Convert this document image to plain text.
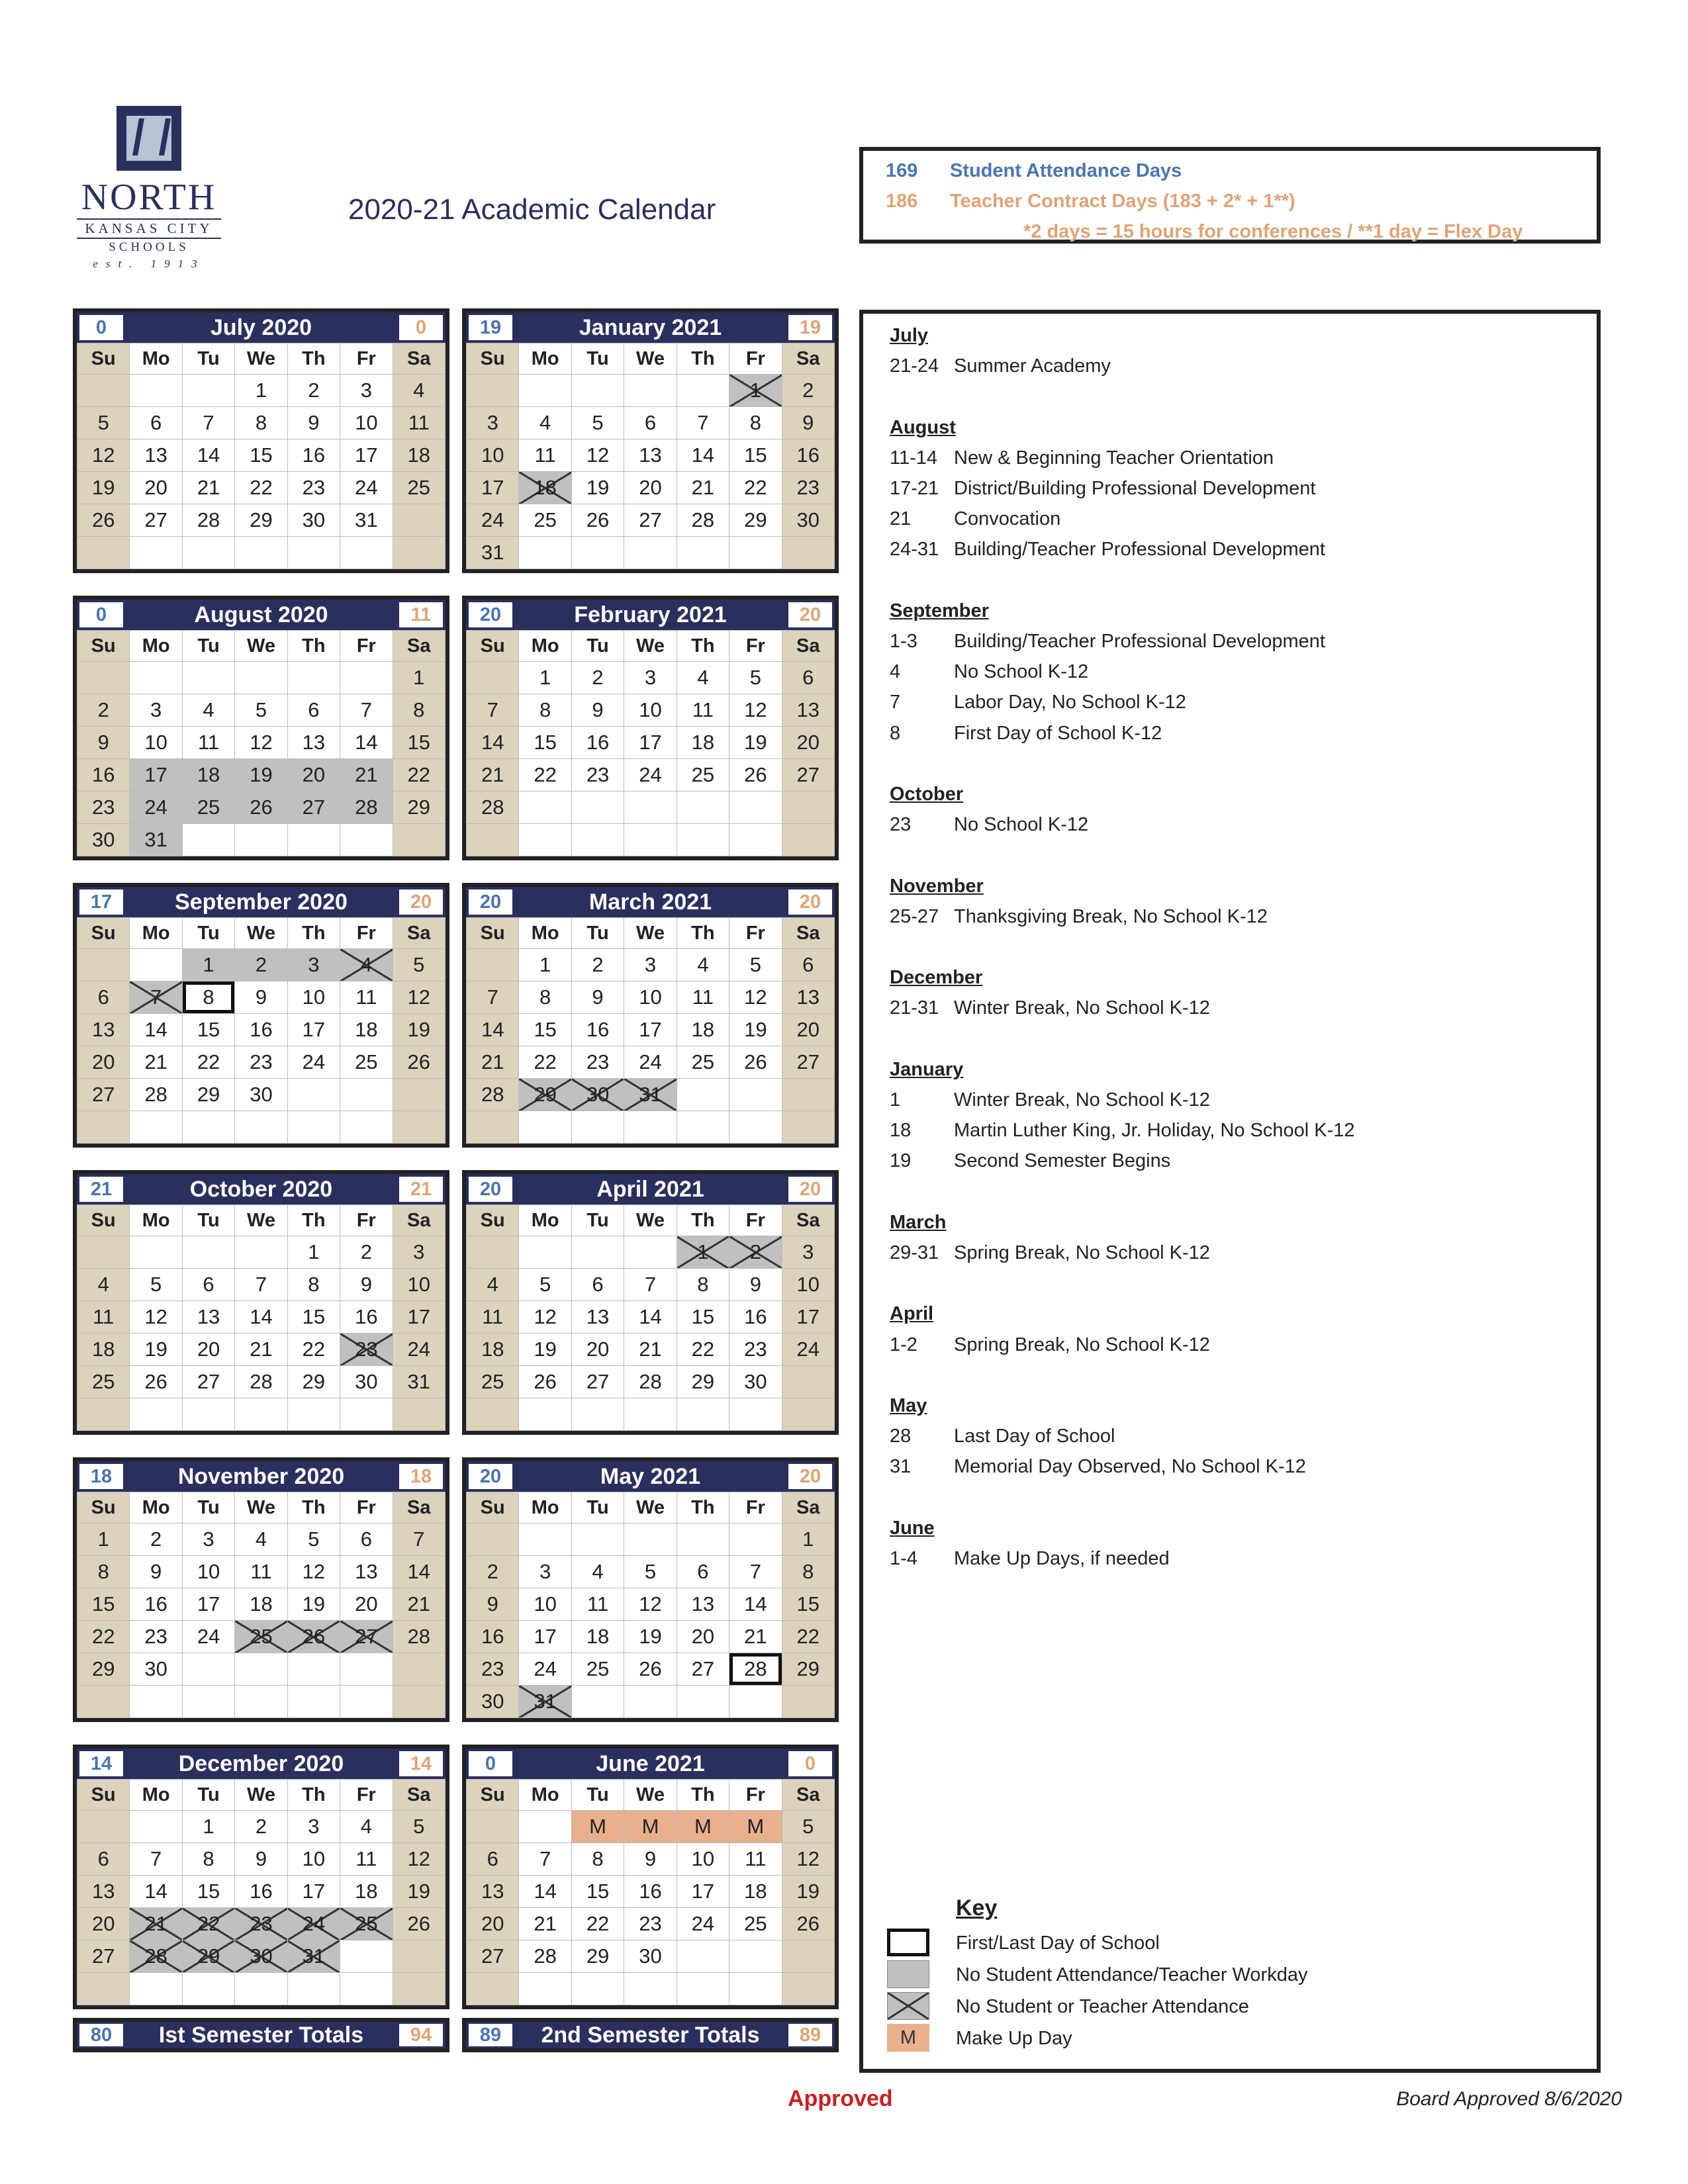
NORTH
KANSAS CITY
SCHOOLS
est. 1913
2020-21 Academic Calendar
169 Student Attendance Days
186 Teacher Contract Days (183 + 2* + 1**)
*2 days = 15 hours for conferences / **1 day = Flex Day
0	July 2020	0
Su	Mo	Tu	We	Th	Fr	Sa
			1	2	3	4
5	6	7	8	9	10	11
12	13	14	15	16	17	18
19	20	21	22	23	24	25
26	27	28	29	30	31	

19	January 2021	19
Su	Mo	Tu	We	Th	Fr	Sa
					1	2
3	4	5	6	7	8	9
10	11	12	13	14	15	16
17	18	19	20	21	22	23
24	25	26	27	28	29	30
31						
0	August 2020	11
Su	Mo	Tu	We	Th	Fr	Sa
						1
2	3	4	5	6	7	8
9	10	11	12	13	14	15
16	17	18	19	20	21	22
23	24	25	26	27	28	29
30	31					
20	February 2021	20
Su	Mo	Tu	We	Th	Fr	Sa
	1	2	3	4	5	6
7	8	9	10	11	12	13
14	15	16	17	18	19	20
21	22	23	24	25	26	27
28						

17	September 2020	20
Su	Mo	Tu	We	Th	Fr	Sa
		1	2	3	4	5
6	7	8	9	10	11	12
13	14	15	16	17	18	19
20	21	22	23	24	25	26
27	28	29	30			

20	March 2021	20
Su	Mo	Tu	We	Th	Fr	Sa
	1	2	3	4	5	6
7	8	9	10	11	12	13
14	15	16	17	18	19	20
21	22	23	24	25	26	27
28	29	30	31			

21	October 2020	21
Su	Mo	Tu	We	Th	Fr	Sa
				1	2	3
4	5	6	7	8	9	10
11	12	13	14	15	16	17
18	19	20	21	22	23	24
25	26	27	28	29	30	31

20	April 2021	20
Su	Mo	Tu	We	Th	Fr	Sa
				1	2	3
4	5	6	7	8	9	10
11	12	13	14	15	16	17
18	19	20	21	22	23	24
25	26	27	28	29	30	

18	November 2020	18
Su	Mo	Tu	We	Th	Fr	Sa
1	2	3	4	5	6	7
8	9	10	11	12	13	14
15	16	17	18	19	20	21
22	23	24	25	26	27	28
29	30					

20	May 2021	20
Su	Mo	Tu	We	Th	Fr	Sa
						1
2	3	4	5	6	7	8
9	10	11	12	13	14	15
16	17	18	19	20	21	22
23	24	25	26	27	28	29
30	31					
14	December 2020	14
Su	Mo	Tu	We	Th	Fr	Sa
		1	2	3	4	5
6	7	8	9	10	11	12
13	14	15	16	17	18	19
20	21	22	23	24	25	26
27	28	29	30	31		

0	June 2021	0
Su	Mo	Tu	We	Th	Fr	Sa
		M	M	M	M	5
6	7	8	9	10	11	12
13	14	15	16	17	18	19
20	21	22	23	24	25	26
27	28	29	30			

80	Ist Semester Totals	94	89	2nd Semester Totals	89
July
21-24 Summer Academy
August
11-14 New & Beginning Teacher Orientation
17-21 District/Building Professional Development
21 Convocation
24-31 Building/Teacher Professional Development
September
1-3 Building/Teacher Professional Development
4	No School K-12
7	Labor Day, No School K-12
8	First Day of School K-12
October
23 No School K-12
November
25-27 Thanksgiving Break, No School K-12
December
21-31 Winter Break, No School K-12
January
1	Winter Break, No School K-12
18 Martin Luther King, Jr. Holiday, No School K-12
19 Second Semester Begins
March
29-31 Spring Break, No School K-12
April
1-2 Spring Break, No School K-12
May
28 Last Day of School
31 Memorial Day Observed, No School K-12
June
1-4 Make Up Days, if needed
Key
First/Last Day of School
No Student Attendance/Teacher Workday
No Student or Teacher Attendance
M	Make Up Day
Approved	Board Approved 8/6/2020
